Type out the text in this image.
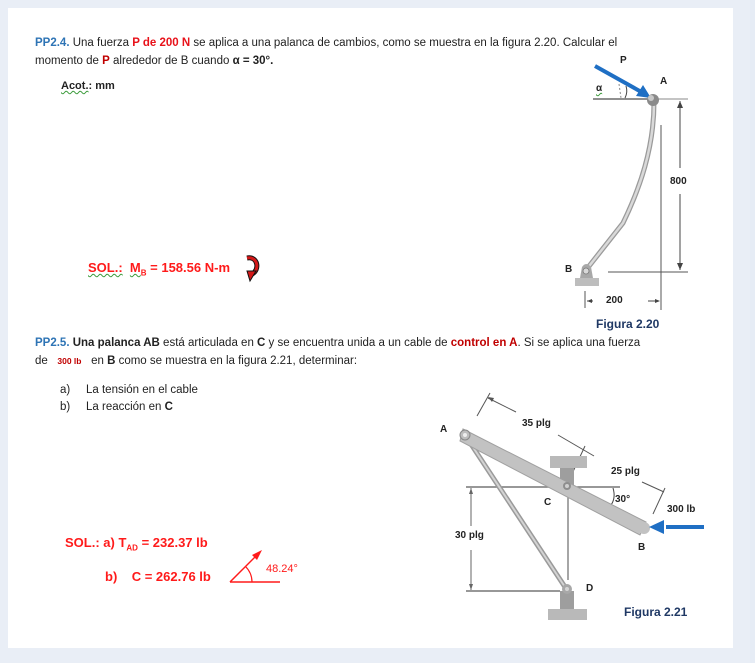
PP2.4. Una fuerza P de 200 N se aplica a una palanca de cambios, como se muestra en la figura 2.20. Calcular el
momento de P alrededor de B cuando α = 30°.
Acot.: mm
SOL.: $M_B = 158.56$ N-m
P
A
α
800
B
200
Figura 2.20
PP2.5. Una palanca AB está articulada en C y se encuentra unida a un cable de control en A. Si se aplica una fuerza
de   300 lb   en B como se muestra en la figura 2.21, determinar:
a) La tensión en el cable
b) La reacción en C
SOL.: a) $T_{AD} = 232.37$ lb
b)    C = 262.76 lb	48.24°
A
35 plg
25 plg
30°
300 lb
C
30 plg
B
D
Figura 2.21
